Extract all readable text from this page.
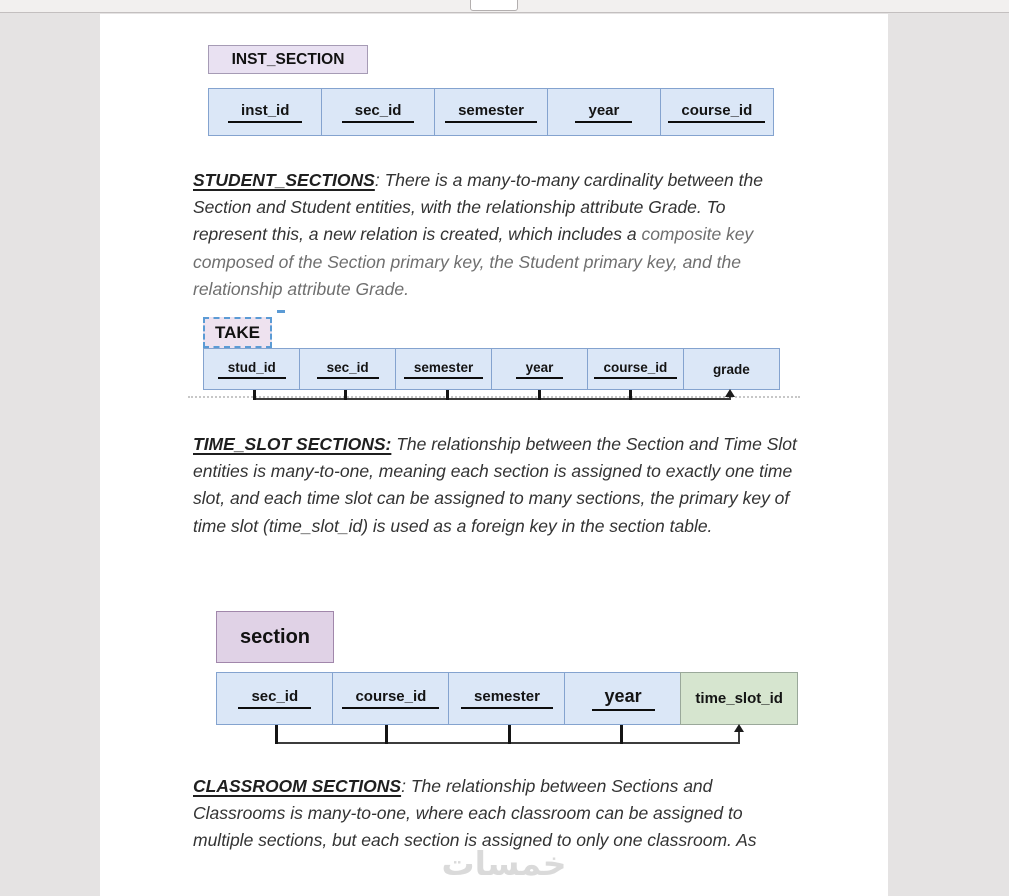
INST_SECTION
inst_id	sec_id	semester	year	course_id

STUDENT_SECTIONS: There is a many-to-many cardinality between the Section and Student entities, with the relationship attribute Grade. To represent this, a new relation is created, which includes a composite key composed of the Section primary key, the Student primary key, and the relationship attribute Grade.

TAKE
stud_id	sec_id	semester	year	course_id	grade

TIME_SLOT SECTIONS: The relationship between the Section and Time Slot entities is many-to-one, meaning each section is assigned to exactly one time slot, and each time slot can be assigned to many sections, the primary key of time slot (time_slot_id) is used as a foreign key in the section table.

section
sec_id	course_id	semester	year	time_slot_id

CLASSROOM SECTIONS: The relationship between Sections and Classrooms is many-to-one, where each classroom can be assigned to multiple sections, but each section is assigned to only one classroom. As

خمسات
